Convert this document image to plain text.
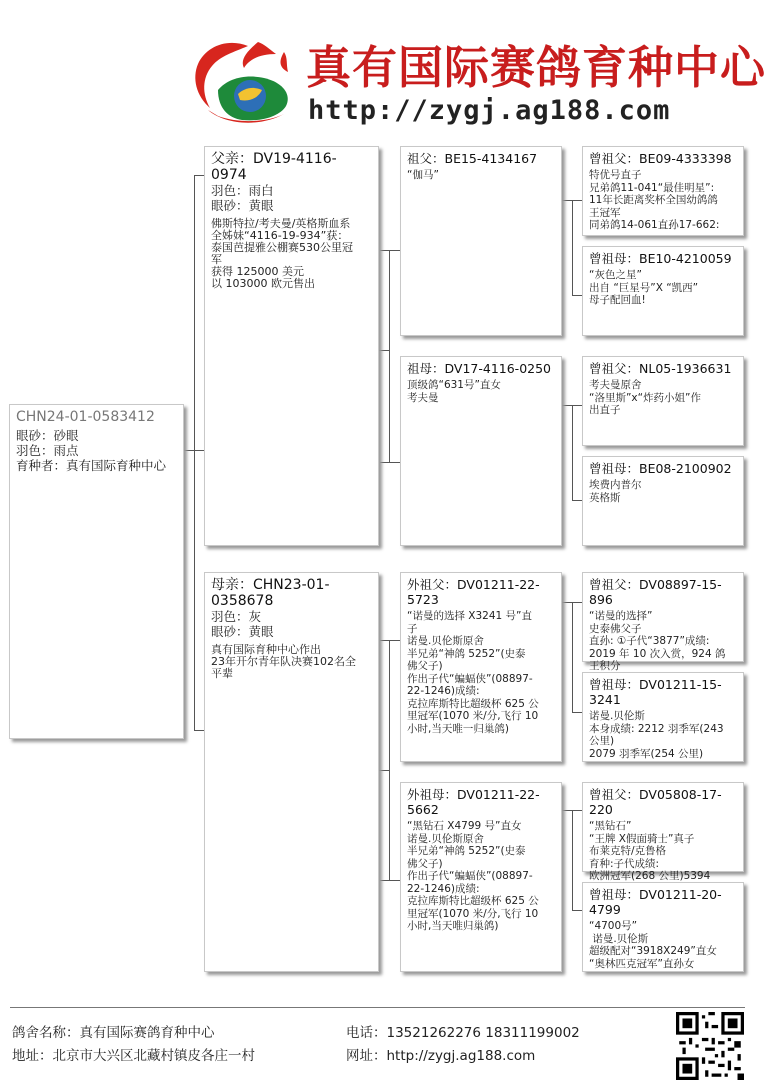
真有国际赛鸽育种中心
http://zygj.ag188.com
CHN24-01-0583412
眼砂：砂眼
羽色：雨点
育种者：真有国际育种中心
父亲：DV19-4116-0974
羽色：雨白
眼砂：黄眼
佛斯特拉/考夫曼/英格斯血系
全姊妹“4116-19-934”获：
泰国芭提雅公棚赛530公里冠
军
获得 125000 美元
以 103000 欧元售出
母亲：CHN23-01-0358678
羽色：灰
眼砂：黄眼
真有国际育种中心作出
23年开尔青年队决赛102名全
平辈
祖父：BE15-4134167
“伽马”
祖母：DV17-4116-0250
顶级鸽“631号”直女
考夫曼
外祖父：DV01211-22-5723
“诺曼的选择 X3241 号”直
子
诺曼.贝伦斯原舍
半兄弟“神鸽 5252”(史泰
佛父子)
作出子代“蝙蝠侠”(08897-
22-1246)成绩:
克拉库斯特比超级杯 625 公
里冠军(1070 米/分,飞行 10
小时,当天唯一归巢鸽)
外祖母：DV01211-22-5662
“黑钻石 X4799 号”直女
诺曼.贝伦斯原舍
半兄弟“神鸽 5252”(史泰
佛父子)
作出子代“蝙蝠侠”(08897-
22-1246)成绩:
克拉库斯特比超级杯 625 公
里冠军(1070 米/分,飞行 10
小时,当天唯归巢鸽)
曾祖父：BE09-4333398
特优号直子
兄弟鸽11-041“最佳明星”:
11年长距离奖杯全国幼鸽鸽
王冠军
同弟鸽14-061直孙17-662:
曾祖母：BE10-4210059
“灰色之星”
出自 “巨星号”X “凯西”
母子配回血!
曾祖父：NL05-1936631
考夫曼原舍
“洛里斯”x“炸药小姐”作
出直子
曾祖母：BE08-2100902
埃费内普尔
英格斯
曾祖父：DV08897-15-896
“诺曼的选择”
史泰佛父子
直孙: ①子代“3877”成绩:
2019 年 10 次入赏，924 鸽
王积分
曾祖母：DV01211-15-3241
诺曼.贝伦斯
本身成绩: 2212 羽季军(243
公里)
2079 羽季军(254 公里)
曾祖父：DV05808-17-220
“黑钻石”
“王牌 X假面骑士”真子
布莱克特/克鲁格
育种:子代成绩:
欧洲冠军(268 公里)5394
曾祖母：DV01211-20-4799
“4700号”
诺曼.贝伦斯
超级配对“3918X249”直女
“奥林匹克冠军”直孙女
鸽舍名称：真有国际赛鸽育种中心
地址：北京市大兴区北藏村镇皮各庄一村
电话：13521262276 18311199002
网址：http://zygj.ag188.com
